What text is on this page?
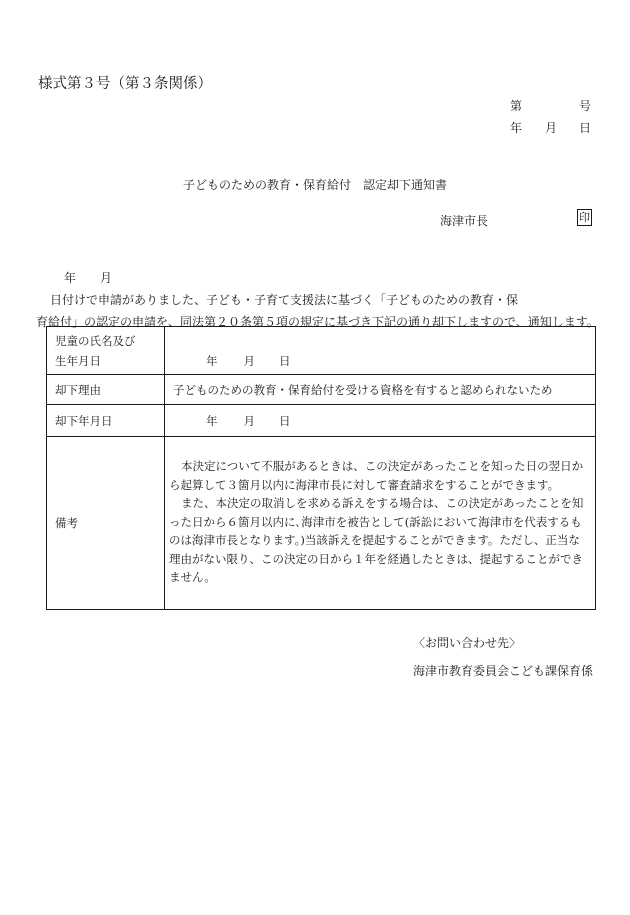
様式第３号（第３条関係）
第	号
年 月 日
子どものための教育・保育給付　認定却下通知書
海津市長	印
年 月日付けで申請がありました、子ども・子育て支援法に基づく「子どものための教育・保
育給付」の認定の申請を、同法第２０条第５項の規定に基づき下記の通り却下しますので、通知します。
児童の氏名及び
生年月日	年 月 日

却下理由	子どものための教育・保育給付を受ける資格を有すると認められないため
却下年月日	年 月 日

備考	本決定について不服があるときは、この決定があったことを知った日の翌日から起算して３箇月以内に海津市長に対して審査請求をすることができます。

また、本決定の取消しを求める訴えをする場合は、この決定があったことを知った日から６箇月以内に､海津市を被告として(訴訟において海津市を代表するものは海津市長となります。)当該訴えを提起することができます。ただし、正当な理由がない限り、この決定の日から１年を経過したときは、提起することができません。

〈お問い合わせ先〉
海津市教育委員会こども課保育係
